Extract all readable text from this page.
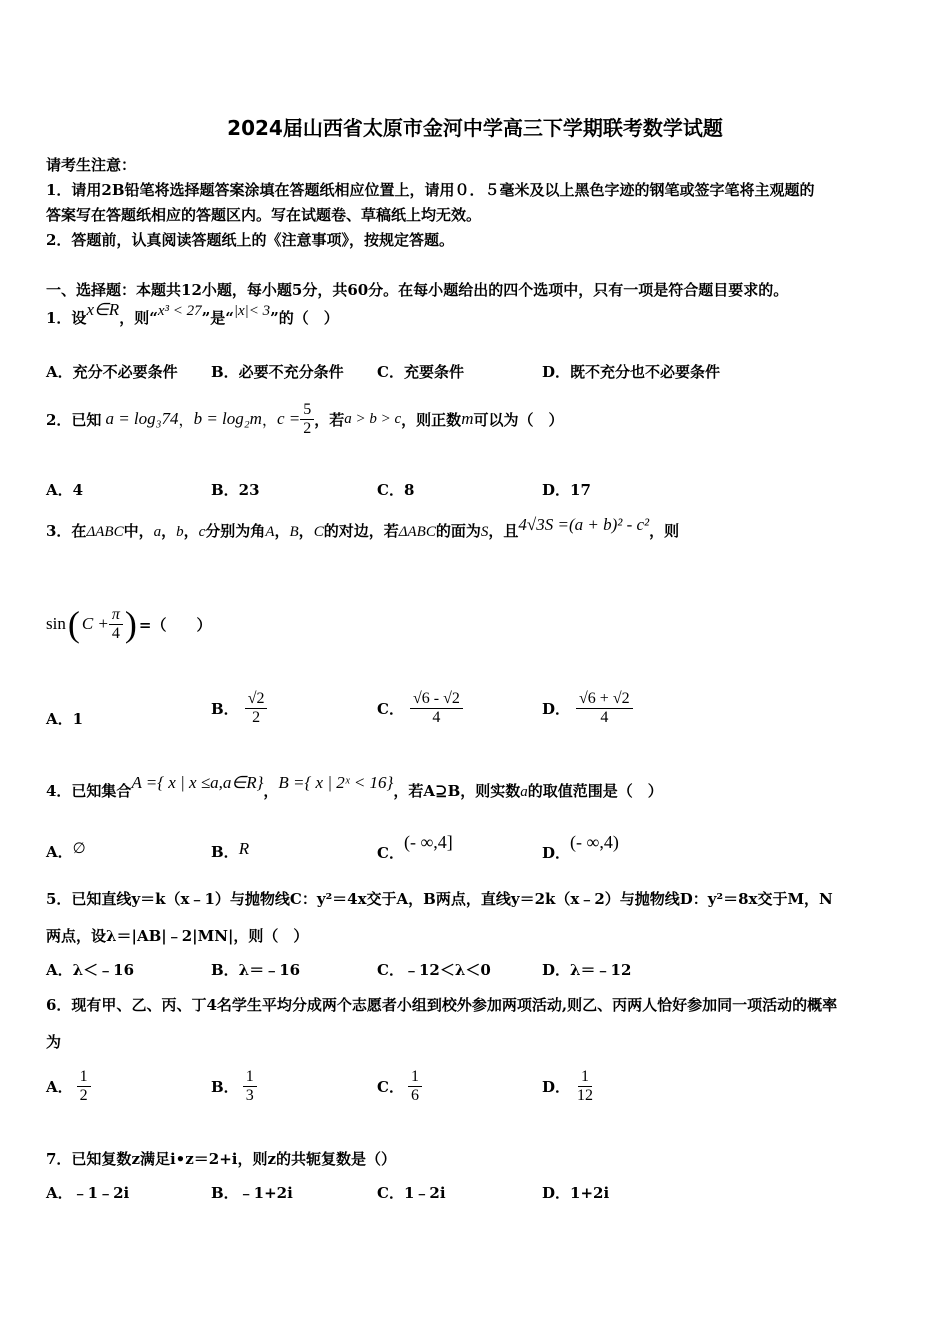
2024届山西省太原市金河中学高三下学期联考数学试题
请考生注意：
1．请用2B铅笔将选择题答案涂填在答题纸相应位置上，请用０．５毫米及以上黑色字迹的钢笔或签字笔将主观题的
答案写在答题纸相应的答题区内。写在试题卷、草稿纸上均无效。
2．答题前，认真阅读答题纸上的《注意事项》，按规定答题。
一、选择题：本题共12小题，每小题5分，共60分。在每小题给出的四个选项中，只有一项是符合题目要求的。
1．设x∈R，则“x³ < 27”是“|x|< 3”的（　）
A．充分不必要条件 B．必要不充分条件 C．充要条件	D．既不充分也不必要条件
2．已知 a = log₃74 ， b = log₂m ， $c = \frac{5}{2}$ ，若 a > b > c ，则正数 m 可以为（　）
A．4	B．23	C．8	D．17
3．在ΔABC中，a，b，c分别为角A，B，C的对边，若ΔABC的面为S，且4√3S =(a + b)² - c²，则
sin ( $C + \frac{\pi}{4}$ ) =（　　）
A．1
B． $\frac{√2}{2}$	C． $\frac{√6 - √2}{4}$	D． $\frac{√6 + √2}{4}$
4．已知集合A ={ x | x ≤a,a∈R}，B ={ x | 2ˣ < 16}，若A⊇B，则实数a的取值范围是（　）
A．∅	B．R	C．(- ∞,4]
D．(- ∞,4)
5．已知直线y＝k（x﹣1）与抛物线C：y²＝4x交于A，B两点，直线y＝2k（x﹣2）与抛物线D：y²＝8x交于M，N
两点，设λ＝|AB|﹣2|MN|，则（　）
A．λ＜﹣16	B．λ＝﹣16	C．﹣12＜λ＜0	D．λ＝﹣12
6．现有甲、乙、丙、丁4名学生平均分成两个志愿者小组到校外参加两项活动,则乙、丙两人恰好参加同一项活动的概率
为
A． $\frac{1}{2}$	B． $\frac{1}{3}$	C． $\frac{1}{6}$	D． $\frac{1}{12}$
7．已知复数z满足i•z＝2+i，则z的共轭复数是（）
A．﹣1﹣2i	B．﹣1+2i	C．1﹣2i	D．1+2i
